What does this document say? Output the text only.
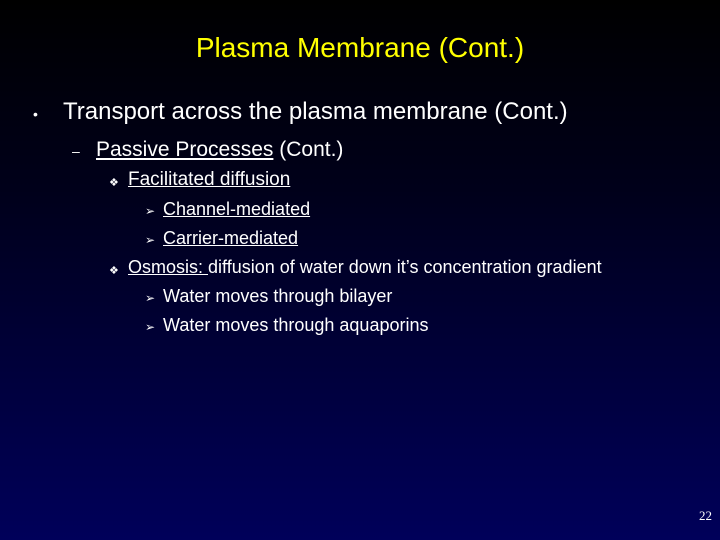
Plasma Membrane (Cont.)
• Transport across the plasma membrane (Cont.)
– Passive Processes (Cont.)
❖ Facilitated diffusion
➢ Channel-mediated
➢ Carrier-mediated
❖ Osmosis: diffusion of water down it’s concentration gradient
➢ Water moves through bilayer
➢ Water moves through aquaporins
22
